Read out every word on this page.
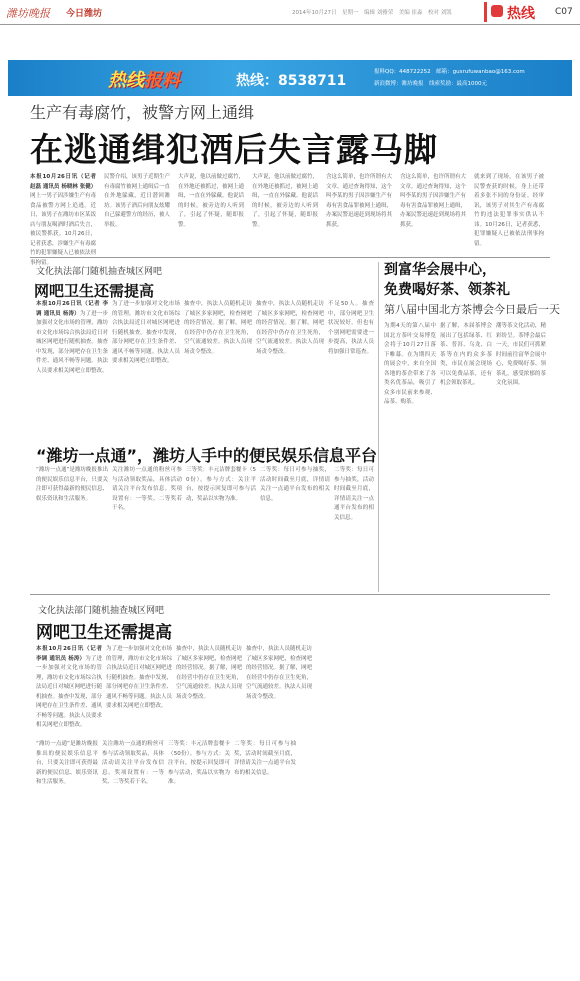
潍坊晚报 今日潍坊	2014年10月27日　星期一　编辑 刘雅荣　美编 崔淼　校对 刘凯	热线 C07
热线报料	热线：8538711
报料QQ：448722252　邮箱：gusrufuwanbao@163.com
新浪微博：潍坊晚报　线索奖励：最高1000元
生产有毒腐竹，被警方网上通缉
在逃通缉犯酒后失言露马脚
本报10月26日讯（记者 赵磊 通讯员 杨晓林 张健）网上一男子因涉嫌生产有毒食品被警方网上追逃。近日，该男子在潍坊市区某饭店与朋友喝酒时酒后失言，被民警抓获。10月26日，记者获悉，涉嫌生产有毒腐竹的犯罪嫌疑人已被依法刑事拘留。
民警介绍，该男子近期生产有毒腐竹被网上通缉后一直在外地躲藏，近日潜回潍坊。该男子酒后向朋友炫耀自己躲避警方的经历，被人举报。
大声说，他以前做过腐竹，在外地还被抓过，被网上通缉，一直在外躲藏。他说话的时候，被旁边的人听到了，引起了怀疑，随即报警。
大声说，他以前做过腐竹，在外地还被抓过，被网上通缉，一直在外躲藏。他说话的时候，被旁边的人听到了，引起了怀疑，随即报警。
含这么简单，也许所谓有大文章。通过查询得知，这个叫李某的男子因涉嫌生产有毒有害食品罪被网上通缉，办案民警迅速赶到现场将其抓获。
含这么简单，也许所谓有大文章。通过查询得知，这个叫李某的男子因涉嫌生产有毒有害食品罪被网上通缉，办案民警迅速赶到现场将其抓获。
就来到了现场，在该男子被民警查获的时候，身上还带着多张不同的身份证。经审讯，该男子对其生产有毒腐竹的违法犯罪事实供认不讳。10月26日，记者获悉，犯罪嫌疑人已被依法刑事拘留。
文化执法部门随机抽查城区网吧
网吧卫生还需提高
本报10月26日讯（记者 李调 通讯员 杨涛）为了进一步加强对文化市场的管理，潍坊市文化市场综合执法局近日对城区网吧进行随机抽查。抽查中发现，部分网吧存在卫生条件差、通风不畅等问题。执法人员要求相关网吧立即整改。
为了进一步加强对文化市场的管理，潍坊市文化市场综合执法局近日对城区网吧进行随机抽查。抽查中发现，部分网吧存在卫生条件差、通风不畅等问题。执法人员要求相关网吧立即整改。
抽查中，执法人员随机走访了城区多家网吧，检查网吧的经营情况。据了解，网吧在经营中仍存在卫生死角，空气流通较差。执法人员现场责令整改。
抽查中，执法人员随机走访了城区多家网吧，检查网吧的经营情况。据了解，网吧在经营中仍存在卫生死角，空气流通较差。执法人员现场责令整改。
不足50人。抽查中，部分网吧卫生状况较好，但也有个别网吧需要进一步提高，执法人员将加强日常巡查。
“潍坊一点通”，潍坊人手中的便民娱乐信息平台
“潍坊一点通”是潍坊晚报推出的便民娱乐信息平台，只要关注即可获得最新的便民信息、娱乐资讯和生活服务。
关注潍坊一点通的粉丝可参与活动领取奖品，具体活动请关注平台发布信息。奖项设置有：一等奖、二等奖若干名。
三等奖：丰元洁牌套餐卡（50份）。参与方式：关注平台，按提示回复即可参与活动，奖品以实物为准。
二等奖：每日可参与抽奖，活动时间截至月底，详情请关注一点通平台发布的相关信息。
二等奖：每日可参与抽奖，活动时间截至月底，详情请关注一点通平台发布的相关信息。
到富华会展中心，
免费喝好茶、领茶礼
第八届中国北方茶博会今日最后一天
为期4天的第八届中国北方茶叶交易博览会将于10月27日落下帷幕。在为期四天的展会中，来自全国各地的茶企带来了各类名优茶品，吸引了众多市民前来参观、品茶、购茶。
据了解，本届茶博会展出了包括绿茶、红茶、普洱、乌龙、白茶等在内的众多茶类，市民在展会现场可以免费品茶，还有机会领取茶礼。
潮等茶文化活动，精彩纷呈。茶博会最后一天，市民们可抓紧时间前往富华会展中心，免费喝好茶、领茶礼，感受浓郁的茶文化氛围。
文化执法部门随机抽查城区网吧
网吧卫生还需提高
本报10月26日讯（记者 李调 通讯员 杨涛）为了进一步加强对文化市场的管理，潍坊市文化市场综合执法局近日对城区网吧进行随机抽查。抽查中发现，部分网吧存在卫生条件差、通风不畅等问题。执法人员要求相关网吧立即整改。
为了进一步加强对文化市场的管理，潍坊市文化市场综合执法局近日对城区网吧进行随机抽查。抽查中发现，部分网吧存在卫生条件差、通风不畅等问题。执法人员要求相关网吧立即整改。
抽查中，执法人员随机走访了城区多家网吧，检查网吧的经营情况。据了解，网吧在经营中仍存在卫生死角，空气流通较差。执法人员现场责令整改。
抽查中，执法人员随机走访了城区多家网吧，检查网吧的经营情况。据了解，网吧在经营中仍存在卫生死角，空气流通较差。执法人员现场责令整改。
“潍坊一点通”是潍坊晚报推出的便民娱乐信息平台，只要关注即可获得最新的便民信息、娱乐资讯和生活服务。
关注潍坊一点通的粉丝可参与活动领取奖品，具体活动请关注平台发布信息。奖项设置有：一等奖、二等奖若干名。
三等奖：丰元洁牌套餐卡（50份）。参与方式：关注平台，按提示回复即可参与活动，奖品以实物为准。
二等奖：每日可参与抽奖，活动时间截至月底，详情请关注一点通平台发布的相关信息。
